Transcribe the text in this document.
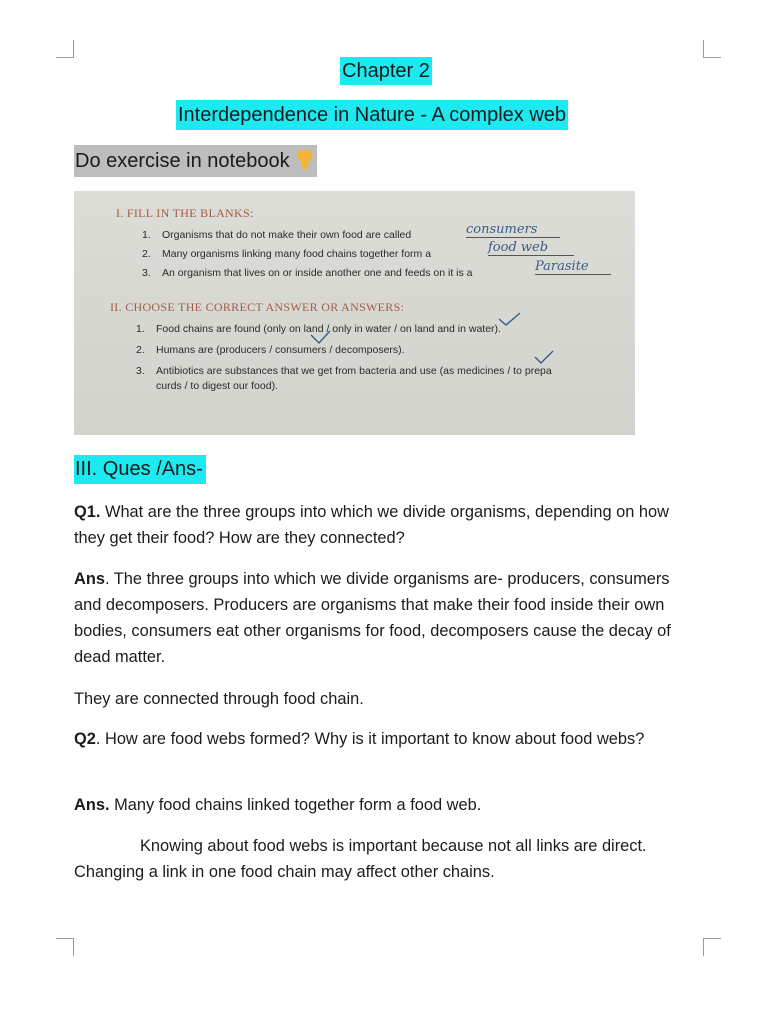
Chapter 2
Interdependence in Nature - A complex web
Do exercise in notebook
I. FILL IN THE BLANKS:
1. Organisms that do not make their own food are called	consumers
2. Many organisms linking many food chains together form a	food web
3. An organism that lives on or inside another one and feeds on it is a	Parasite
II. CHOOSE THE CORRECT ANSWER OR ANSWERS:
1. Food chains are found (only on land / only in water / on land and in water).
2. Humans are (producers / consumers / decomposers).
3. Antibiotics are substances that we get from bacteria and use (as medicines / to prepa
curds / to digest our food).
III. Ques /Ans-
Q1. What are the three groups into which we divide organisms, depending on how they get their food? How are they connected?
Ans. The three groups into which we divide organisms are- producers, consumers and decomposers. Producers are organisms that make their food inside their own bodies, consumers eat other organisms for food, decomposers cause the decay of dead matter.
They are connected through food chain.
Q2. How are food webs formed? Why is it important to know about food webs?
Ans. Many food chains linked together form a food web.
Knowing about food webs is important because not all links are direct. Changing a link in one food chain may affect other chains.
